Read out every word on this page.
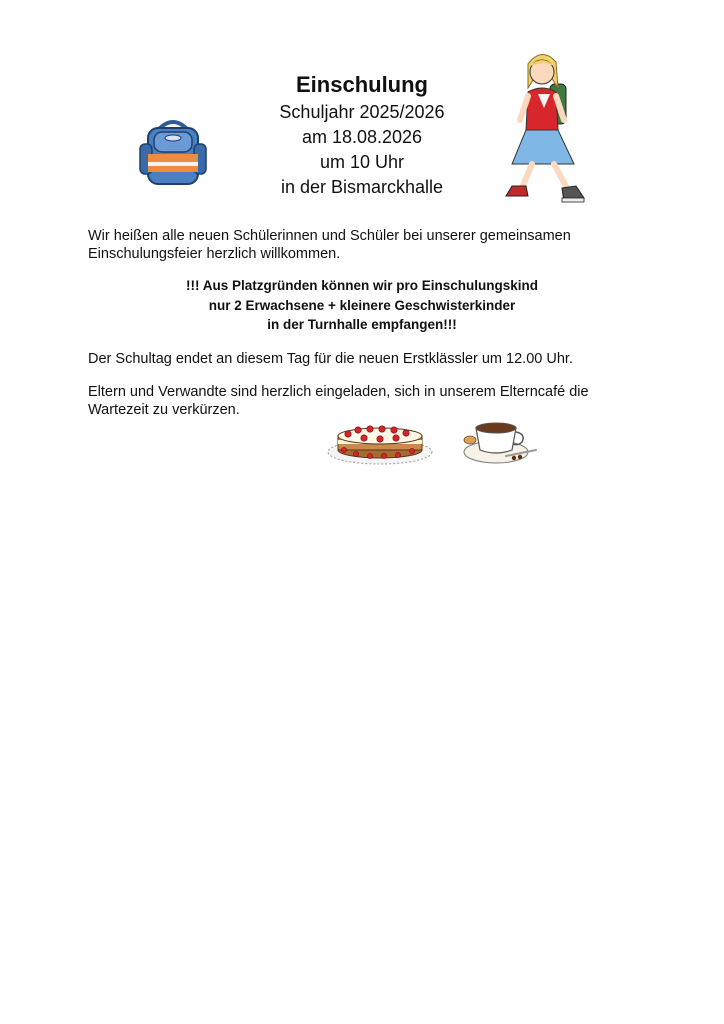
Einschulung

Schuljahr 2025/2026

am 18.08.2026

um 10 Uhr

in der Bismarckhalle

Wir heißen alle neuen Schülerinnen und Schüler bei unserer gemeinsamen Einschulungsfeier herzlich willkommen.

!!! Aus Platzgründen können wir pro Einschulungskind
nur 2 Erwachsene + kleinere Geschwisterkinder
in der Turnhalle empfangen!!!

Der Schultag endet an diesem Tag für die neuen Erstklässler um 12.00 Uhr.

Eltern und Verwandte sind herzlich eingeladen, sich in unserem Elterncafé die Wartezeit zu verkürzen.
